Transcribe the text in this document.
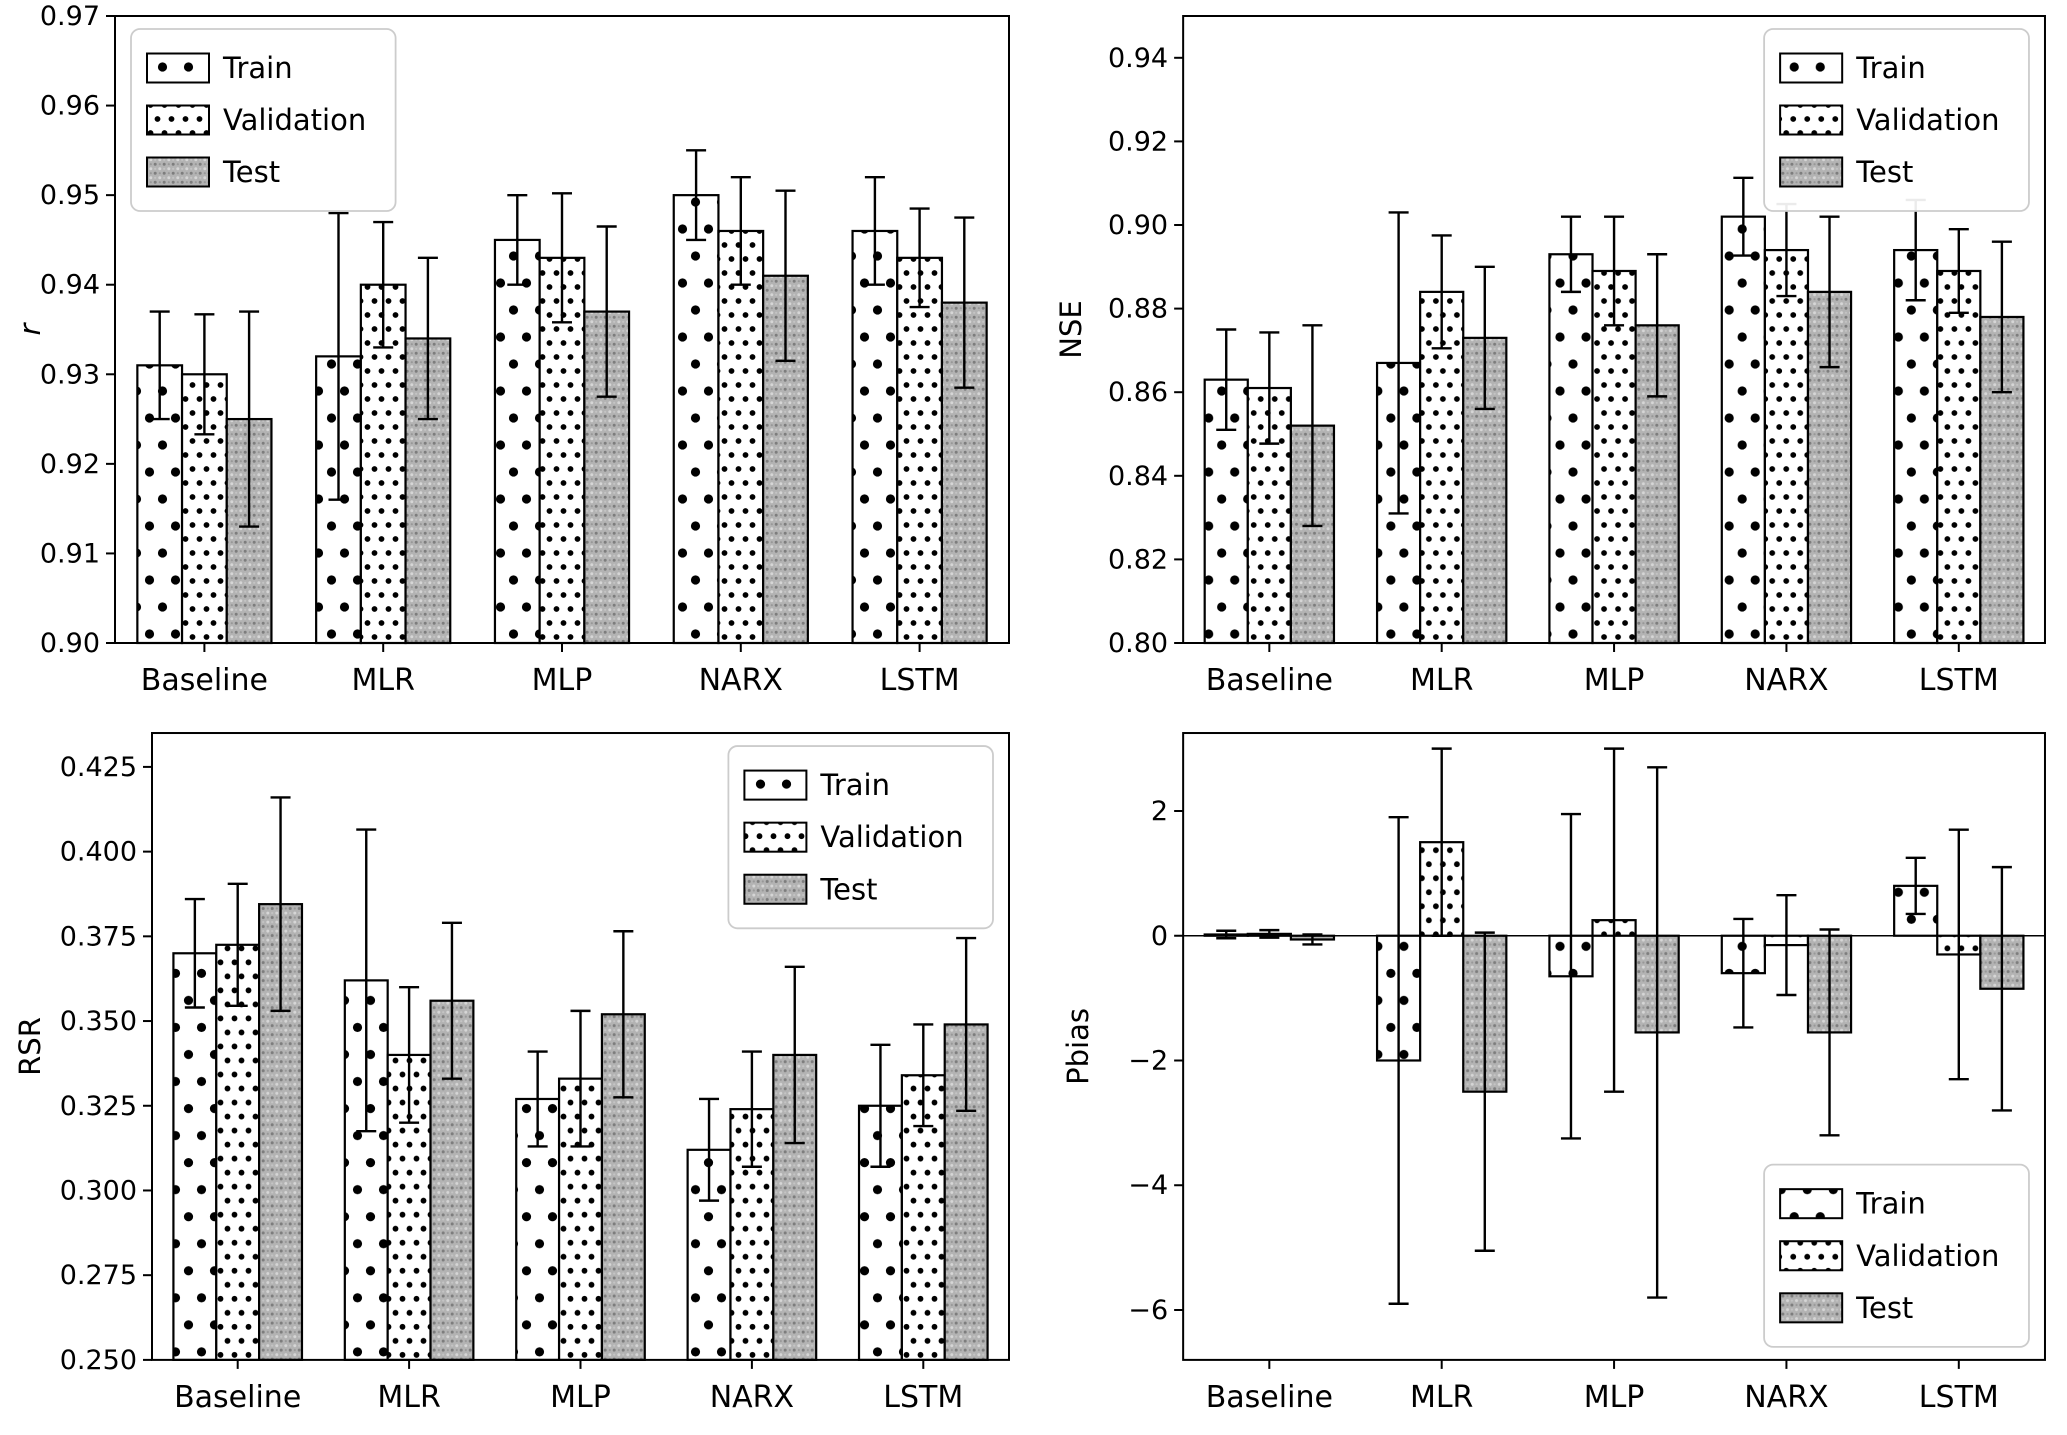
0.90
0.91
0.92
0.93
0.94
0.95
0.96
0.97
Baseline	MLR	MLP	NARX	LSTM
r
Train
Validation
Test
0.80
0.82
0.84
0.86
0.88
0.90
0.92
0.94
Baseline	MLR	MLP	NARX	LSTM
NSE
Train
Validation
Test
0.250
0.275
0.300
0.325
0.350
0.375
0.400
0.425
Baseline	MLR	MLP	NARX	LSTM
RSR
Train
Validation
Test
−6
−4
−2
0
2
Baseline	MLR	MLP	NARX	LSTM
Pbias
Train
Validation
Test
